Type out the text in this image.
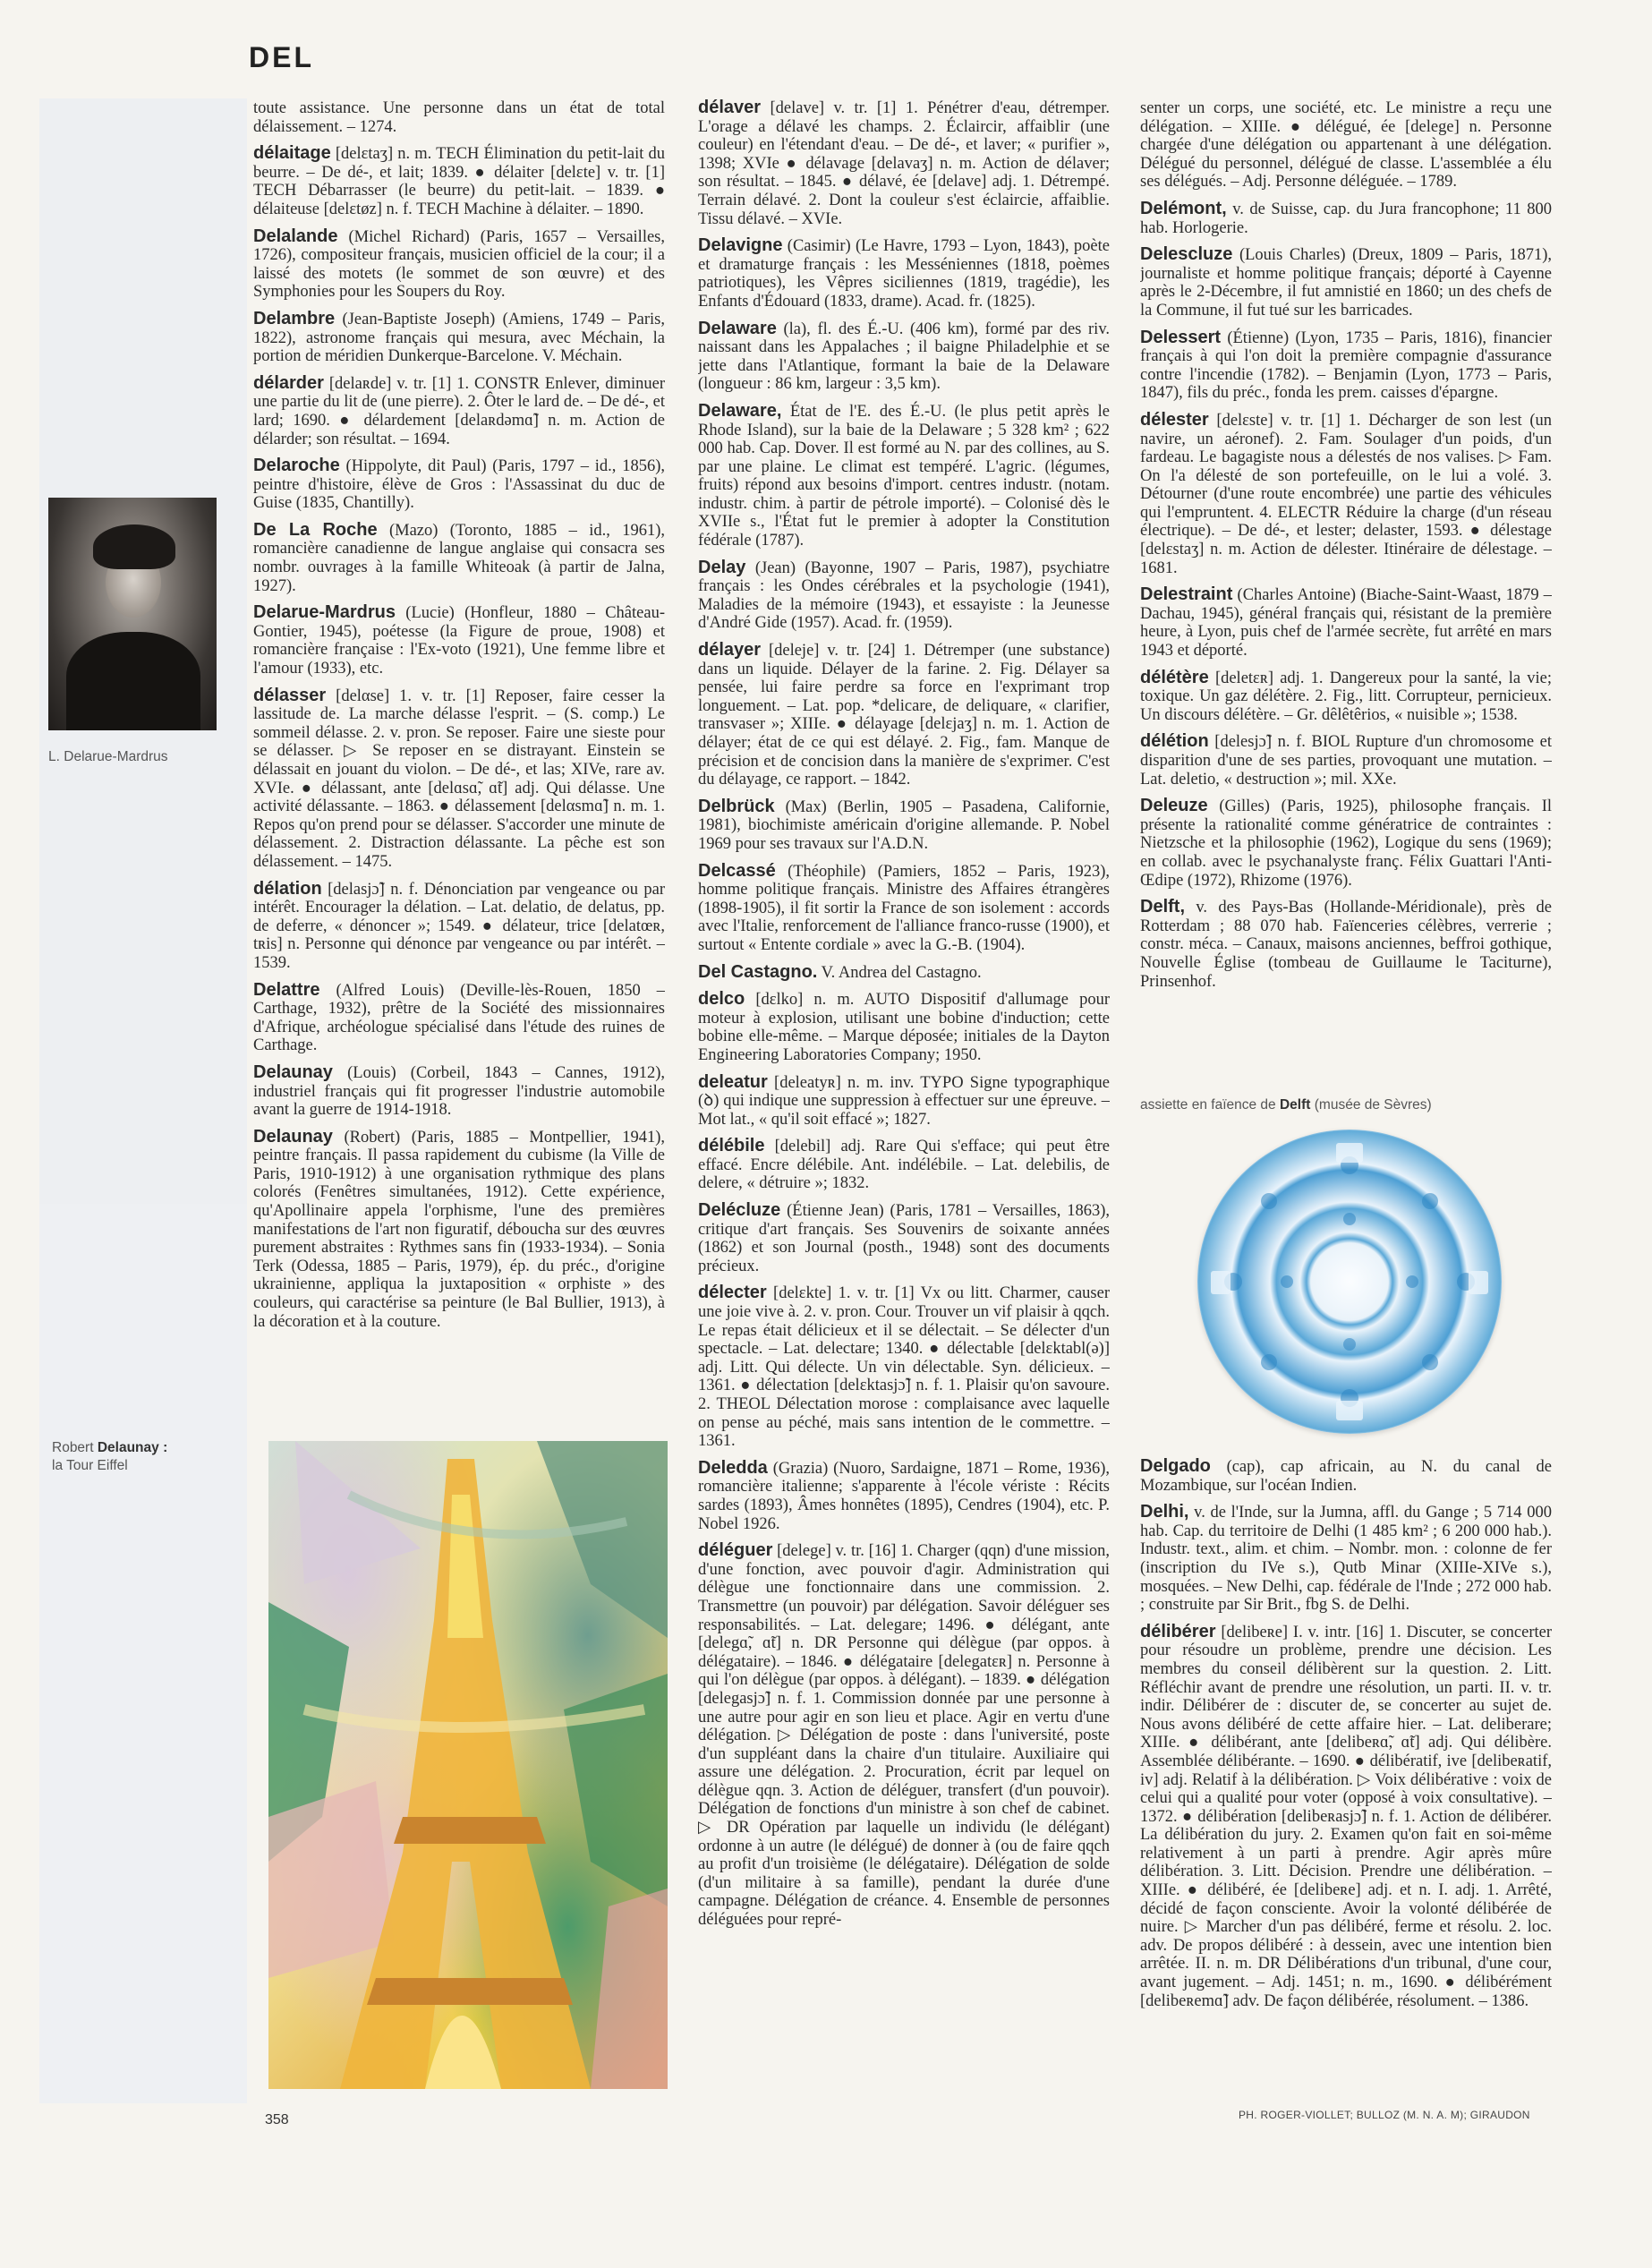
DEL
L. Delarue-Mardrus
Robert Delaunay :
la Tour Eiffel
assiette en faïence de Delft (musée de Sèvres)

toute assistance. Une personne dans un état de total délaissement. – 1274.

délaitage [delεtaʒ] n. m. TECH Élimination du petit-lait du beurre. – De dé-, et lait; 1839. ● délaiter [delεte] v. tr. [1] TECH Débarrasser (le beurre) du petit-lait. – 1839. ● délaiteuse [delεtøz] n. f. TECH Machine à délaiter. – 1890.

Delalande (Michel Richard) (Paris, 1657 – Versailles, 1726), compositeur français, musicien officiel de la cour; il a laissé des motets (le sommet de son œuvre) et des Symphonies pour les Soupers du Roy.

Delambre (Jean-Baptiste Joseph) (Amiens, 1749 – Paris, 1822), astronome français qui mesura, avec Méchain, la portion de méridien Dunkerque-Barcelone. V. Méchain.

délarder [delaʀde] v. tr. [1] 1. CONSTR Enlever, diminuer une partie du lit de (une pierre). 2. Ôter le lard de. – De dé-, et lard; 1690. ● délardement [delaʀdəmɑ̃] n. m. Action de délarder; son résultat. – 1694.

Delaroche (Hippolyte, dit Paul) (Paris, 1797 – id., 1856), peintre d'histoire, élève de Gros : l'Assassinat du duc de Guise (1835, Chantilly).

De La Roche (Mazo) (Toronto, 1885 – id., 1961), romancière canadienne de langue anglaise qui consacra ses nombr. ouvrages à la famille Whiteoak (à partir de Jalna, 1927).

Delarue-Mardrus (Lucie) (Honfleur, 1880 – Château-Gontier, 1945), poétesse (la Figure de proue, 1908) et romancière française : l'Ex-voto (1921), Une femme libre et l'amour (1933), etc.

délasser [delαse] 1. v. tr. [1] Reposer, faire cesser la lassitude de. La marche délasse l'esprit. – (S. comp.) Le sommeil délasse. 2. v. pron. Se reposer. Faire une sieste pour se délasser. ▷ Se reposer en se distrayant. Einstein se délassait en jouant du violon. – De dé-, et las; XIVe, rare av. XVIe. ● délassant, ante [delɑsɑ̃, ɑ̃t] adj. Qui délasse. Une activité délassante. – 1863. ● délassement [delαsmɑ̃] n. m. 1. Repos qu'on prend pour se délasser. S'accorder une minute de délassement. 2. Distraction délassante. La pêche est son délassement. – 1475.

délation [delasjɔ̃] n. f. Dénonciation par vengeance ou par intérêt. Encourager la délation. – Lat. delatio, de delatus, pp. de deferre, « dénoncer »; 1549. ● délateur, trice [delatœʀ, tʀis] n. Personne qui dénonce par vengeance ou par intérêt. – 1539.

Delattre (Alfred Louis) (Deville-lès-Rouen, 1850 – Carthage, 1932), prêtre de la Société des missionnaires d'Afrique, archéologue spécialisé dans l'étude des ruines de Carthage.

Delaunay (Louis) (Corbeil, 1843 – Cannes, 1912), industriel français qui fit progresser l'industrie automobile avant la guerre de 1914-1918.

Delaunay (Robert) (Paris, 1885 – Montpellier, 1941), peintre français. Il passa rapidement du cubisme (la Ville de Paris, 1910-1912) à une organisation rythmique des plans colorés (Fenêtres simultanées, 1912). Cette expérience, qu'Apollinaire appela l'orphisme, l'une des premières manifestations de l'art non figuratif, déboucha sur des œuvres purement abstraites : Rythmes sans fin (1933-1934). – Sonia Terk (Odessa, 1885 – Paris, 1979), ép. du préc., d'origine ukrainienne, appliqua la juxtaposition « orphiste » des couleurs, qui caractérise sa peinture (le Bal Bullier, 1913), à la décoration et à la couture.

délaver [delave] v. tr. [1] 1. Pénétrer d'eau, détremper. L'orage a délavé les champs. 2. Éclaircir, affaiblir (une couleur) en l'étendant d'eau. – De dé-, et laver; « purifier », 1398; XVIe ● délavage [delavaʒ] n. m. Action de délaver; son résultat. – 1845. ● délavé, ée [delave] adj. 1. Détrempé. Terrain délavé. 2. Dont la couleur s'est éclaircie, affaiblie. Tissu délavé. – XVIe.

Delavigne (Casimir) (Le Havre, 1793 – Lyon, 1843), poète et dramaturge français : les Messéniennes (1818, poèmes patriotiques), les Vêpres siciliennes (1819, tragédie), les Enfants d'Édouard (1833, drame). Acad. fr. (1825).

Delaware (la), fl. des É.-U. (406 km), formé par des riv. naissant dans les Appalaches ; il baigne Philadelphie et se jette dans l'Atlantique, formant la baie de la Delaware (longueur : 86 km, largeur : 3,5 km).

Delaware, État de l'E. des É.-U. (le plus petit après le Rhode Island), sur la baie de la Delaware ; 5 328 km² ; 622 000 hab. Cap. Dover. Il est formé au N. par des collines, au S. par une plaine. Le climat est tempéré. L'agric. (légumes, fruits) répond aux besoins d'import. centres industr. (notam. industr. chim. à partir de pétrole importé). – Colonisé dès le XVIIe s., l'État fut le premier à adopter la Constitution fédérale (1787).

Delay (Jean) (Bayonne, 1907 – Paris, 1987), psychiatre français : les Ondes cérébrales et la psychologie (1941), Maladies de la mémoire (1943), et essayiste : la Jeunesse d'André Gide (1957). Acad. fr. (1959).

délayer [deleje] v. tr. [24] 1. Détremper (une substance) dans un liquide. Délayer de la farine. 2. Fig. Délayer sa pensée, lui faire perdre sa force en l'exprimant trop longuement. – Lat. pop. *delicare, de deliquare, « clarifier, transvaser »; XIIIe. ● délayage [delεjaʒ] n. m. 1. Action de délayer; état de ce qui est délayé. 2. Fig., fam. Manque de précision et de concision dans la manière de s'exprimer. C'est du délayage, ce rapport. – 1842.

Delbrück (Max) (Berlin, 1905 – Pasadena, Californie, 1981), biochimiste américain d'origine allemande. P. Nobel 1969 pour ses travaux sur l'A.D.N.

Delcassé (Théophile) (Pamiers, 1852 – Paris, 1923), homme politique français. Ministre des Affaires étrangères (1898-1905), il fit sortir la France de son isolement : accords avec l'Italie, renforcement de l'alliance franco-russe (1900), et surtout « Entente cordiale » avec la G.-B. (1904).

Del Castagno. V. Andrea del Castagno.

delco [dɛlko] n. m. AUTO Dispositif d'allumage pour moteur à explosion, utilisant une bobine d'induction; cette bobine elle-même. – Marque déposée; initiales de la Dayton Engineering Laboratories Company; 1950.

deleatur [deleatyʀ] n. m. inv. TYPO Signe typographique (ꝺ) qui indique une suppression à effectuer sur une épreuve. – Mot lat., « qu'il soit effacé »; 1827.

délébile [delebil] adj. Rare Qui s'efface; qui peut être effacé. Encre délébile. Ant. indélébile. – Lat. delebilis, de delere, « détruire »; 1832.

Delécluze (Étienne Jean) (Paris, 1781 – Versailles, 1863), critique d'art français. Ses Souvenirs de soixante années (1862) et son Journal (posth., 1948) sont des documents précieux.

délecter [delεkte] 1. v. tr. [1] Vx ou litt. Charmer, causer une joie vive à. 2. v. pron. Cour. Trouver un vif plaisir à qqch. Le repas était délicieux et il se délectait. – Se délecter d'un spectacle. – Lat. delectare; 1340. ● délectable [delεktabl(ə)] adj. Litt. Qui délecte. Un vin délectable. Syn. délicieux. – 1361. ● délectation [delεktasjɔ̃] n. f. 1. Plaisir qu'on savoure. 2. THEOL Délectation morose : complaisance avec laquelle on pense au péché, mais sans intention de le commettre. – 1361.

Deledda (Grazia) (Nuoro, Sardaigne, 1871 – Rome, 1936), romancière italienne; s'apparente à l'école vériste : Récits sardes (1893), Âmes honnêtes (1895), Cendres (1904), etc. P. Nobel 1926.

déléguer [delege] v. tr. [16] 1. Charger (qqn) d'une mission, d'une fonction, avec pouvoir d'agir. Administration qui délègue une fonctionnaire dans une commission. 2. Transmettre (un pouvoir) par délégation. Savoir déléguer ses responsabilités. – Lat. delegare; 1496. ● délégant, ante [delegɑ̃, ɑ̃t] n. DR Personne qui délègue (par oppos. à délégataire). – 1846. ● délégataire [delegatεʀ] n. Personne à qui l'on délègue (par oppos. à délégant). – 1839. ● délégation [delegasjɔ̃] n. f. 1. Commission donnée par une personne à une autre pour agir en son lieu et place. Agir en vertu d'une délégation. ▷ Délégation de poste : dans l'université, poste d'un suppléant dans la chaire d'un titulaire. Auxiliaire qui assure une délégation. 2. Procuration, écrit par lequel on délègue qqn. 3. Action de déléguer, transfert (d'un pouvoir). Délégation de fonctions d'un ministre à son chef de cabinet. ▷ DR Opération par laquelle un individu (le délégant) ordonne à un autre (le délégué) de donner à (ou de faire qqch au profit d'un troisième (le délégataire). Délégation de solde (d'un militaire à sa famille), pendant la durée d'une campagne. Délégation de créance. 4. Ensemble de personnes déléguées pour repré-

senter un corps, une société, etc. Le ministre a reçu une délégation. – XIIIe. ● délégué, ée [delege] n. Personne chargée d'une délégation ou appartenant à une délégation. Délégué du personnel, délégué de classe. L'assemblée a élu ses délégués. – Adj. Personne déléguée. – 1789.

Delémont, v. de Suisse, cap. du Jura francophone; 11 800 hab. Horlogerie.

Delescluze (Louis Charles) (Dreux, 1809 – Paris, 1871), journaliste et homme politique français; déporté à Cayenne après le 2-Décembre, il fut amnistié en 1860; un des chefs de la Commune, il fut tué sur les barricades.

Delessert (Étienne) (Lyon, 1735 – Paris, 1816), financier français à qui l'on doit la première compagnie d'assurance contre l'incendie (1782). – Benjamin (Lyon, 1773 – Paris, 1847), fils du préc., fonda les prem. caisses d'épargne.

délester [delεste] v. tr. [1] 1. Décharger de son lest (un navire, un aéronef). 2. Fam. Soulager d'un poids, d'un fardeau. Le bagagiste nous a délestés de nos valises. ▷ Fam. On l'a délesté de son portefeuille, on le lui a volé. 3. Détourner (d'une route encombrée) une partie des véhicules qui l'empruntent. 4. ELECTR Réduire la charge (d'un réseau électrique). – De dé-, et lester; delaster, 1593. ● délestage [delεstaʒ] n. m. Action de délester. Itinéraire de délestage. – 1681.

Delestraint (Charles Antoine) (Biache-Saint-Waast, 1879 – Dachau, 1945), général français qui, résistant de la première heure, à Lyon, puis chef de l'armée secrète, fut arrêté en mars 1943 et déporté.

délétère [deletεʀ] adj. 1. Dangereux pour la santé, la vie; toxique. Un gaz délétère. 2. Fig., litt. Corrupteur, pernicieux. Un discours délétère. – Gr. dêlêtêrios, « nuisible »; 1538.

délétion [delesjɔ̃] n. f. BIOL Rupture d'un chromosome et disparition d'une de ses parties, provoquant une mutation. – Lat. deletio, « destruction »; mil. XXe.

Deleuze (Gilles) (Paris, 1925), philosophe français. Il présente la rationalité comme génératrice de contraintes : Nietzsche et la philosophie (1962), Logique du sens (1969); en collab. avec le psychanalyste franç. Félix Guattari l'Anti-Œdipe (1972), Rhizome (1976).

Delft, v. des Pays-Bas (Hollande-Méridionale), près de Rotterdam ; 88 070 hab. Faïenceries célèbres, verrerie ; constr. méca. – Canaux, maisons anciennes, beffroi gothique, Nouvelle Église (tombeau de Guillaume le Taciturne), Prinsenhof.

Delgado (cap), cap africain, au N. du canal de Mozambique, sur l'océan Indien.

Delhi, v. de l'Inde, sur la Jumna, affl. du Gange ; 5 714 000 hab. Cap. du territoire de Delhi (1 485 km² ; 6 200 000 hab.). Industr. text., alim. et chim. – Nombr. mon. : colonne de fer (inscription du IVe s.), Qutb Minar (XIIIe-XIVe s.), mosquées. – New Delhi, cap. fédérale de l'Inde ; 272 000 hab. ; construite par Sir Brit., fbg S. de Delhi.

délibérer [delibeʀe] I. v. intr. [16] 1. Discuter, se concerter pour résoudre un problème, prendre une décision. Les membres du conseil délibèrent sur la question. 2. Litt. Réfléchir avant de prendre une résolution, un parti. II. v. tr. indir. Délibérer de : discuter de, se concerter au sujet de. Nous avons délibéré de cette affaire hier. – Lat. deliberare; XIIIe. ● délibérant, ante [delibeʀɑ̃, ɑ̃t] adj. Qui délibère. Assemblée délibérante. – 1690. ● délibératif, ive [delibeʀatif, iv] adj. Relatif à la délibération. ▷ Voix délibérative : voix de celui qui a qualité pour voter (opposé à voix consultative). – 1372. ● délibération [delibeʀasjɔ̃] n. f. 1. Action de délibérer. La délibération du jury. 2. Examen qu'on fait en soi-même relativement à un parti à prendre. Agir après mûre délibération. 3. Litt. Décision. Prendre une délibération. – XIIIe. ● délibéré, ée [delibeʀe] adj. et n. I. adj. 1. Arrêté, décidé de façon consciente. Avoir la volonté délibérée de nuire. ▷ Marcher d'un pas délibéré, ferme et résolu. 2. loc. adv. De propos délibéré : à dessein, avec une intention bien arrêtée. II. n. m. DR Délibérations d'un tribunal, d'une cour, avant jugement. – Adj. 1451; n. m., 1690. ● délibérément [delibeʀemɑ̃] adv. De façon délibérée, résolument. – 1386.

358	PH. ROGER-VIOLLET; BULLOZ (M. N. A. M); GIRAUDON
